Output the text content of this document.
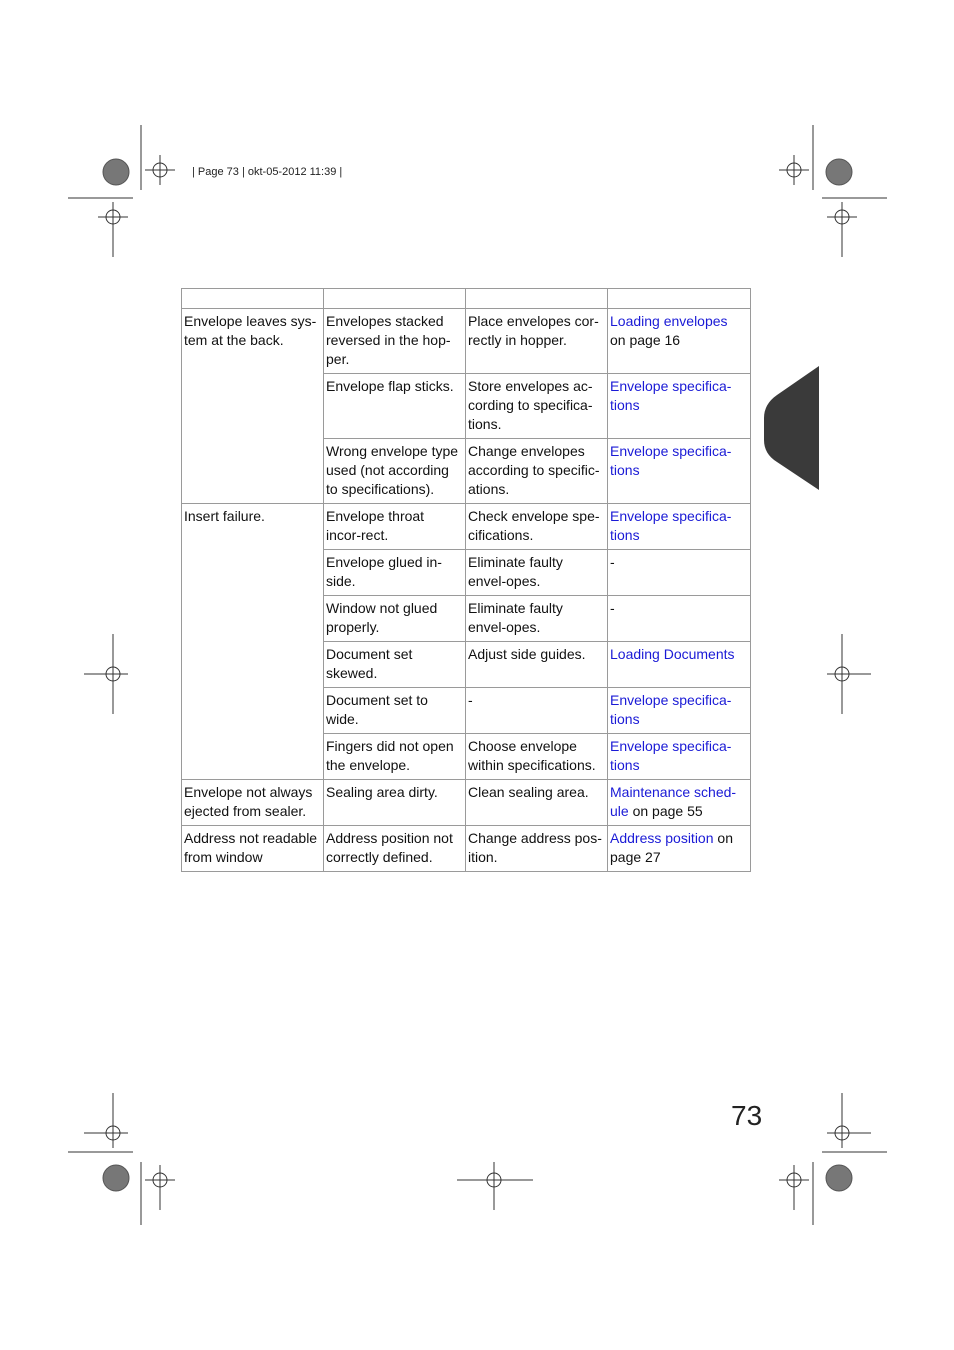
| Page 73 | okt-05-2012 11:39 |

Envelope leaves sys-tem at the back.	Envelopes stacked reversed in the hop-per.	Place envelopes cor-rectly in hopper.	Loading envelopes
on page 16
	Envelope flap sticks.	Store envelopes ac-cording to specifica-tions.	Envelope specifica-tions
	Wrong envelope type used (not according to specifications).	Change envelopes according to specific-ations.	Envelope specifica-tions
Insert failure.	Envelope throat incor-rect.	Check envelope spe-cifications.	Envelope specifica-tions
	Envelope glued in-side.	Eliminate faulty envel-opes.	-
	Window not glued properly.	Eliminate faulty envel-opes.	-
	Document set skewed.	Adjust side guides.	Loading Documents
	Document set to wide.	-	Envelope specifica-tions
	Fingers did not open the envelope.	Choose envelope within specifications.	Envelope specifica-tions
Envelope not always ejected from sealer.	Sealing area dirty.	Clean sealing area.	Maintenance sched-ule on page 55
Address not readable from window	Address position not correctly defined.	Change address pos-ition.	Address position on page 27
73
